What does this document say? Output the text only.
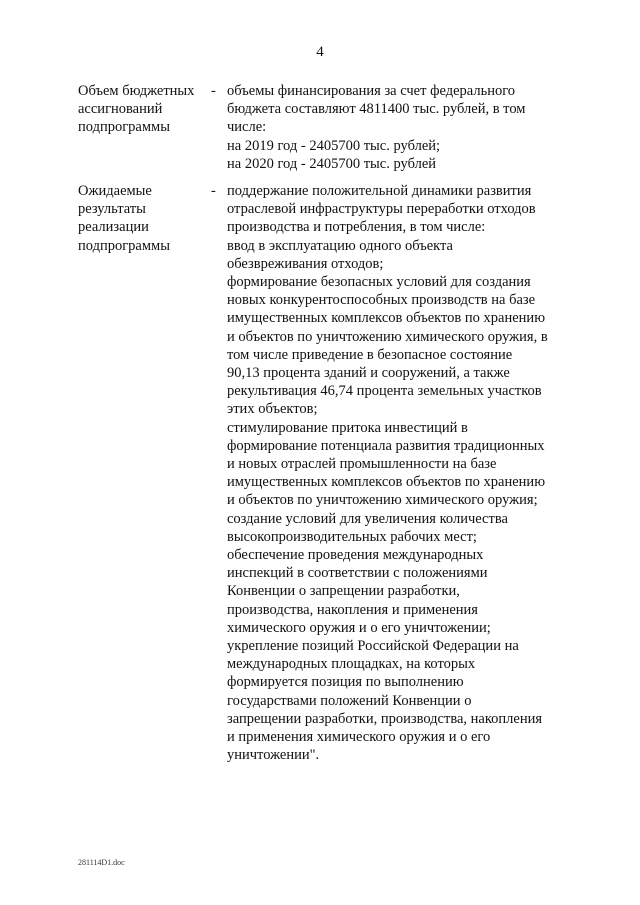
4
Объем бюджетных
ассигнований
подпрограммы
- объемы финансирования за счет федерального
бюджета составляют 4811400 тыс. рублей, в том
числе:
на 2019 год - 2405700 тыс. рублей;
на 2020 год - 2405700 тыс. рублей
Ожидаемые
результаты
реализации
подпрограммы
- поддержание положительной динамики развития
отраслевой инфраструктуры переработки отходов
производства и потребления, в том числе:
ввод в эксплуатацию одного объекта
обезвреживания отходов;
формирование безопасных условий для создания
новых конкурентоспособных производств на базе
имущественных комплексов объектов по хранению
и объектов по уничтожению химического оружия, в
том числе приведение в безопасное состояние
90,13 процента зданий и сооружений, а также
рекультивация 46,74 процента земельных участков
этих объектов;
стимулирование притока инвестиций в
формирование потенциала развития традиционных
и новых отраслей промышленности на базе
имущественных комплексов объектов по хранению
и объектов по уничтожению химического оружия;
создание условий для увеличения количества
высокопроизводительных рабочих мест;
обеспечение проведения международных
инспекций в соответствии с положениями
Конвенции о запрещении разработки,
производства, накопления и применения
химического оружия и о его уничтожении;
укрепление позиций Российской Федерации на
международных площадках, на которых
формируется позиция по выполнению
государствами положений Конвенции о
запрещении разработки, производства, накопления
и применения химического оружия и о его
уничтожении".
281114D1.doc
